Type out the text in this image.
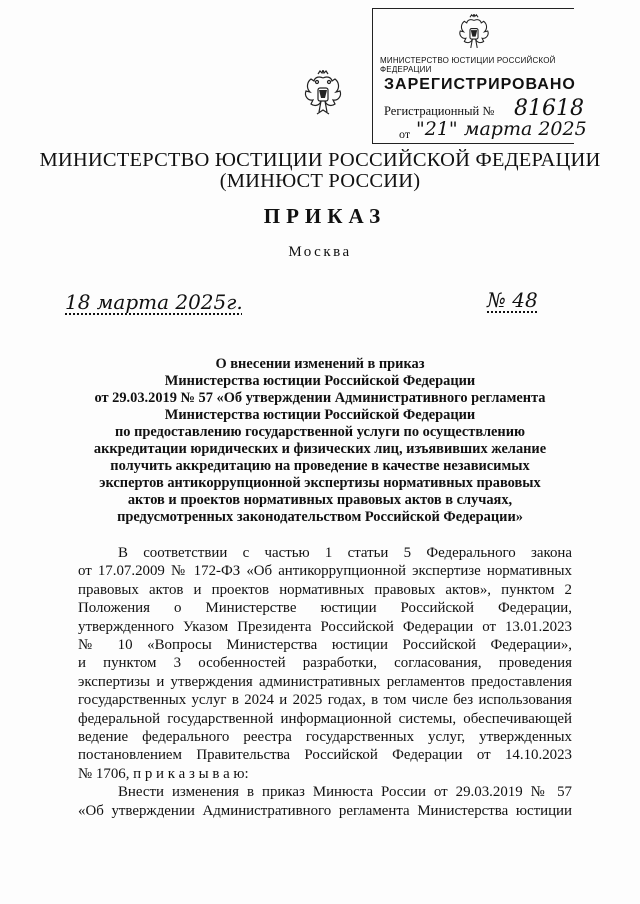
МИНИСТЕРСТВО ЮСТИЦИИ РОССИЙСКОЙ ФЕДЕРАЦИИ
ЗАРЕГИСТРИРОВАНО
Регистрационный № 81618
от "21" марта 2025
МИНИСТЕРСТВО ЮСТИЦИИ РОССИЙСКОЙ ФЕДЕРАЦИИ
(МИНЮСТ РОССИИ)
ПРИКАЗ
Москва
18 марта 2025г.	№ 48
О внесении изменений в приказ
Министерства юстиции Российской Федерации
от 29.03.2019 № 57 «Об утверждении Административного регламента
Министерства юстиции Российской Федерации
по предоставлению государственной услуги по осуществлению
аккредитации юридических и физических лиц, изъявивших желание
получить аккредитацию на проведение в качестве независимых
экспертов антикоррупционной экспертизы нормативных правовых
актов и проектов нормативных правовых актов в случаях,
предусмотренных законодательством Российской Федерации»
В соответствии с частью 1 статьи 5 Федерального закона
от 17.07.2009 № 172-ФЗ «Об антикоррупционной экспертизе нормативных
правовых актов и проектов нормативных правовых актов», пунктом 2
Положения о Министерстве юстиции Российской Федерации,
утвержденного Указом Президента Российской Федерации от 13.01.2023
№ 10 «Вопросы Министерства юстиции Российской Федерации»,
и пунктом 3 особенностей разработки, согласования, проведения
экспертизы и утверждения административных регламентов предоставления
государственных услуг в 2024 и 2025 годах, в том числе без использования
федеральной государственной информационной системы, обеспечивающей
ведение федерального реестра государственных услуг, утвержденных
постановлением Правительства Российской Федерации от 14.10.2023
№ 1706, п р и к а з ы в а ю:
Внести изменения в приказ Минюста России от 29.03.2019 № 57
«Об утверждении Административного регламента Министерства юстиции
